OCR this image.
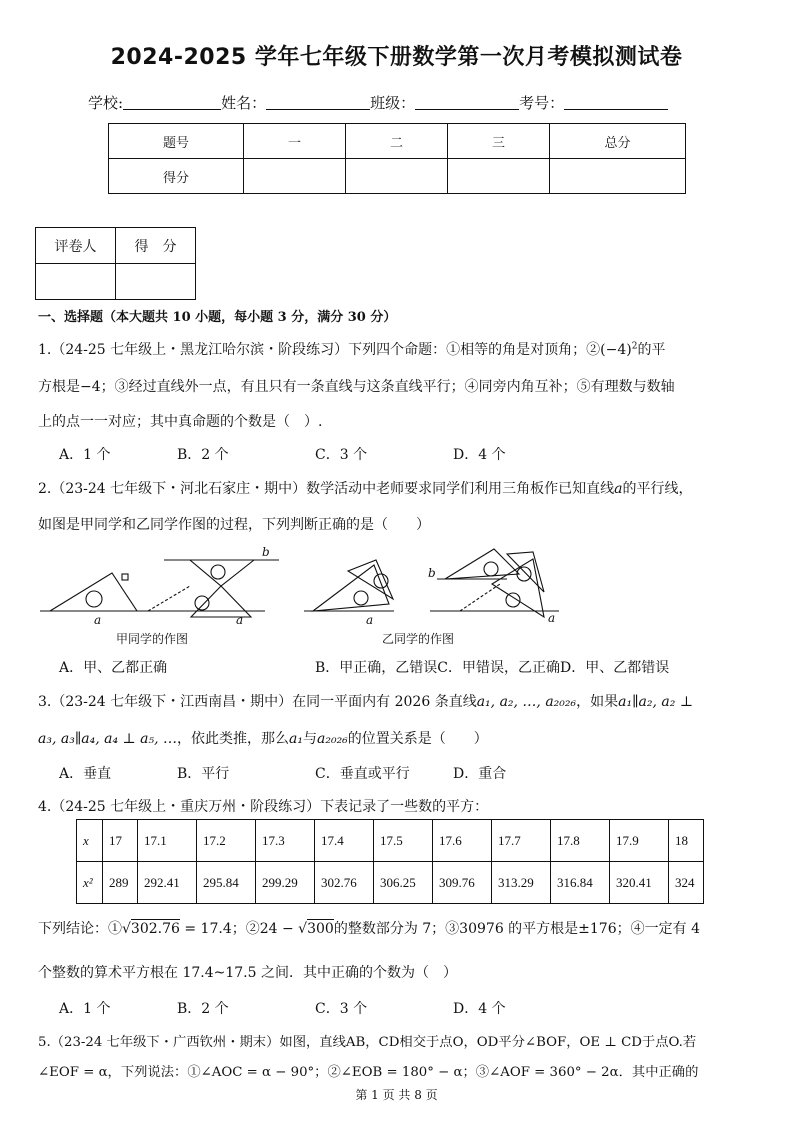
2024-2025 学年七年级下册数学第一次月考模拟测试卷
学校:	姓名：	班级：	考号：
题号	一	二	三	总分
得分				
评卷人	得　分

一、选择题（本大题共 10 小题，每小题 3 分，满分 30 分）
1.（24-25 七年级上・黑龙江哈尔滨・阶段练习）下列四个命题：①相等的角是对顶角；$②(-4)^2$的平
方根是−4；③经过直线外一点，有且只有一条直线与这条直线平行；④同旁内角互补；⑤有理数与数轴
上的点一一对应；其中真命题的个数是（　）.
A．1 个	B．2 个	C．3 个	D．4 个
2.（23-24 七年级下・河北石家庄・期中）数学活动中老师要求同学们利用三角板作已知直线a的平行线，
如图是甲同学和乙同学作图的过程，下列判断正确的是（　　）
a	a
b
a
b
a
甲同学的作图	乙同学的作图
A．甲、乙都正确	B．甲正确，乙错误C．甲错误，乙正确D．甲、乙都错误
3.（23-24 七年级下・江西南昌・期中）在同一平面内有 2026 条直线a₁, a₂, …, a₂₀₂₆，如果a₁∥a₂, a₂ ⊥
a₃, a₃∥a₄, a₄ ⊥ a₅, …，依此类推，那么a₁与a₂₀₂₆的位置关系是（　　）
A．垂直	B．平行	C．垂直或平行	D．重合
4.（24-25 七年级上・重庆万州・阶段练习）下表记录了一些数的平方：
x	17	17.1	17.2	17.3	17.4	17.5	17.6	17.7	17.8	17.9	18
x²	289	292.41	295.84	299.29	302.76	306.25	309.76	313.29	316.84	320.41	324
下列结论：①√302.76 = 17.4；②24 − √300的整数部分为 7；③30976 的平方根是±176；④一定有 4
个整数的算术平方根在 17.4~17.5 之间．其中正确的个数为（　）
A．1 个	B．2 个	C．3 个	D．4 个
5.（23-24 七年级下・广西钦州・期末）如图，直线AB，CD相交于点O，OD平分∠BOF，OE ⊥ CD于点O.若
∠EOF = α，下列说法：①∠AOC = α − 90°；②∠EOB = 180° − α；③∠AOF = 360° − 2α．其中正确的
第 1 页 共 8 页
